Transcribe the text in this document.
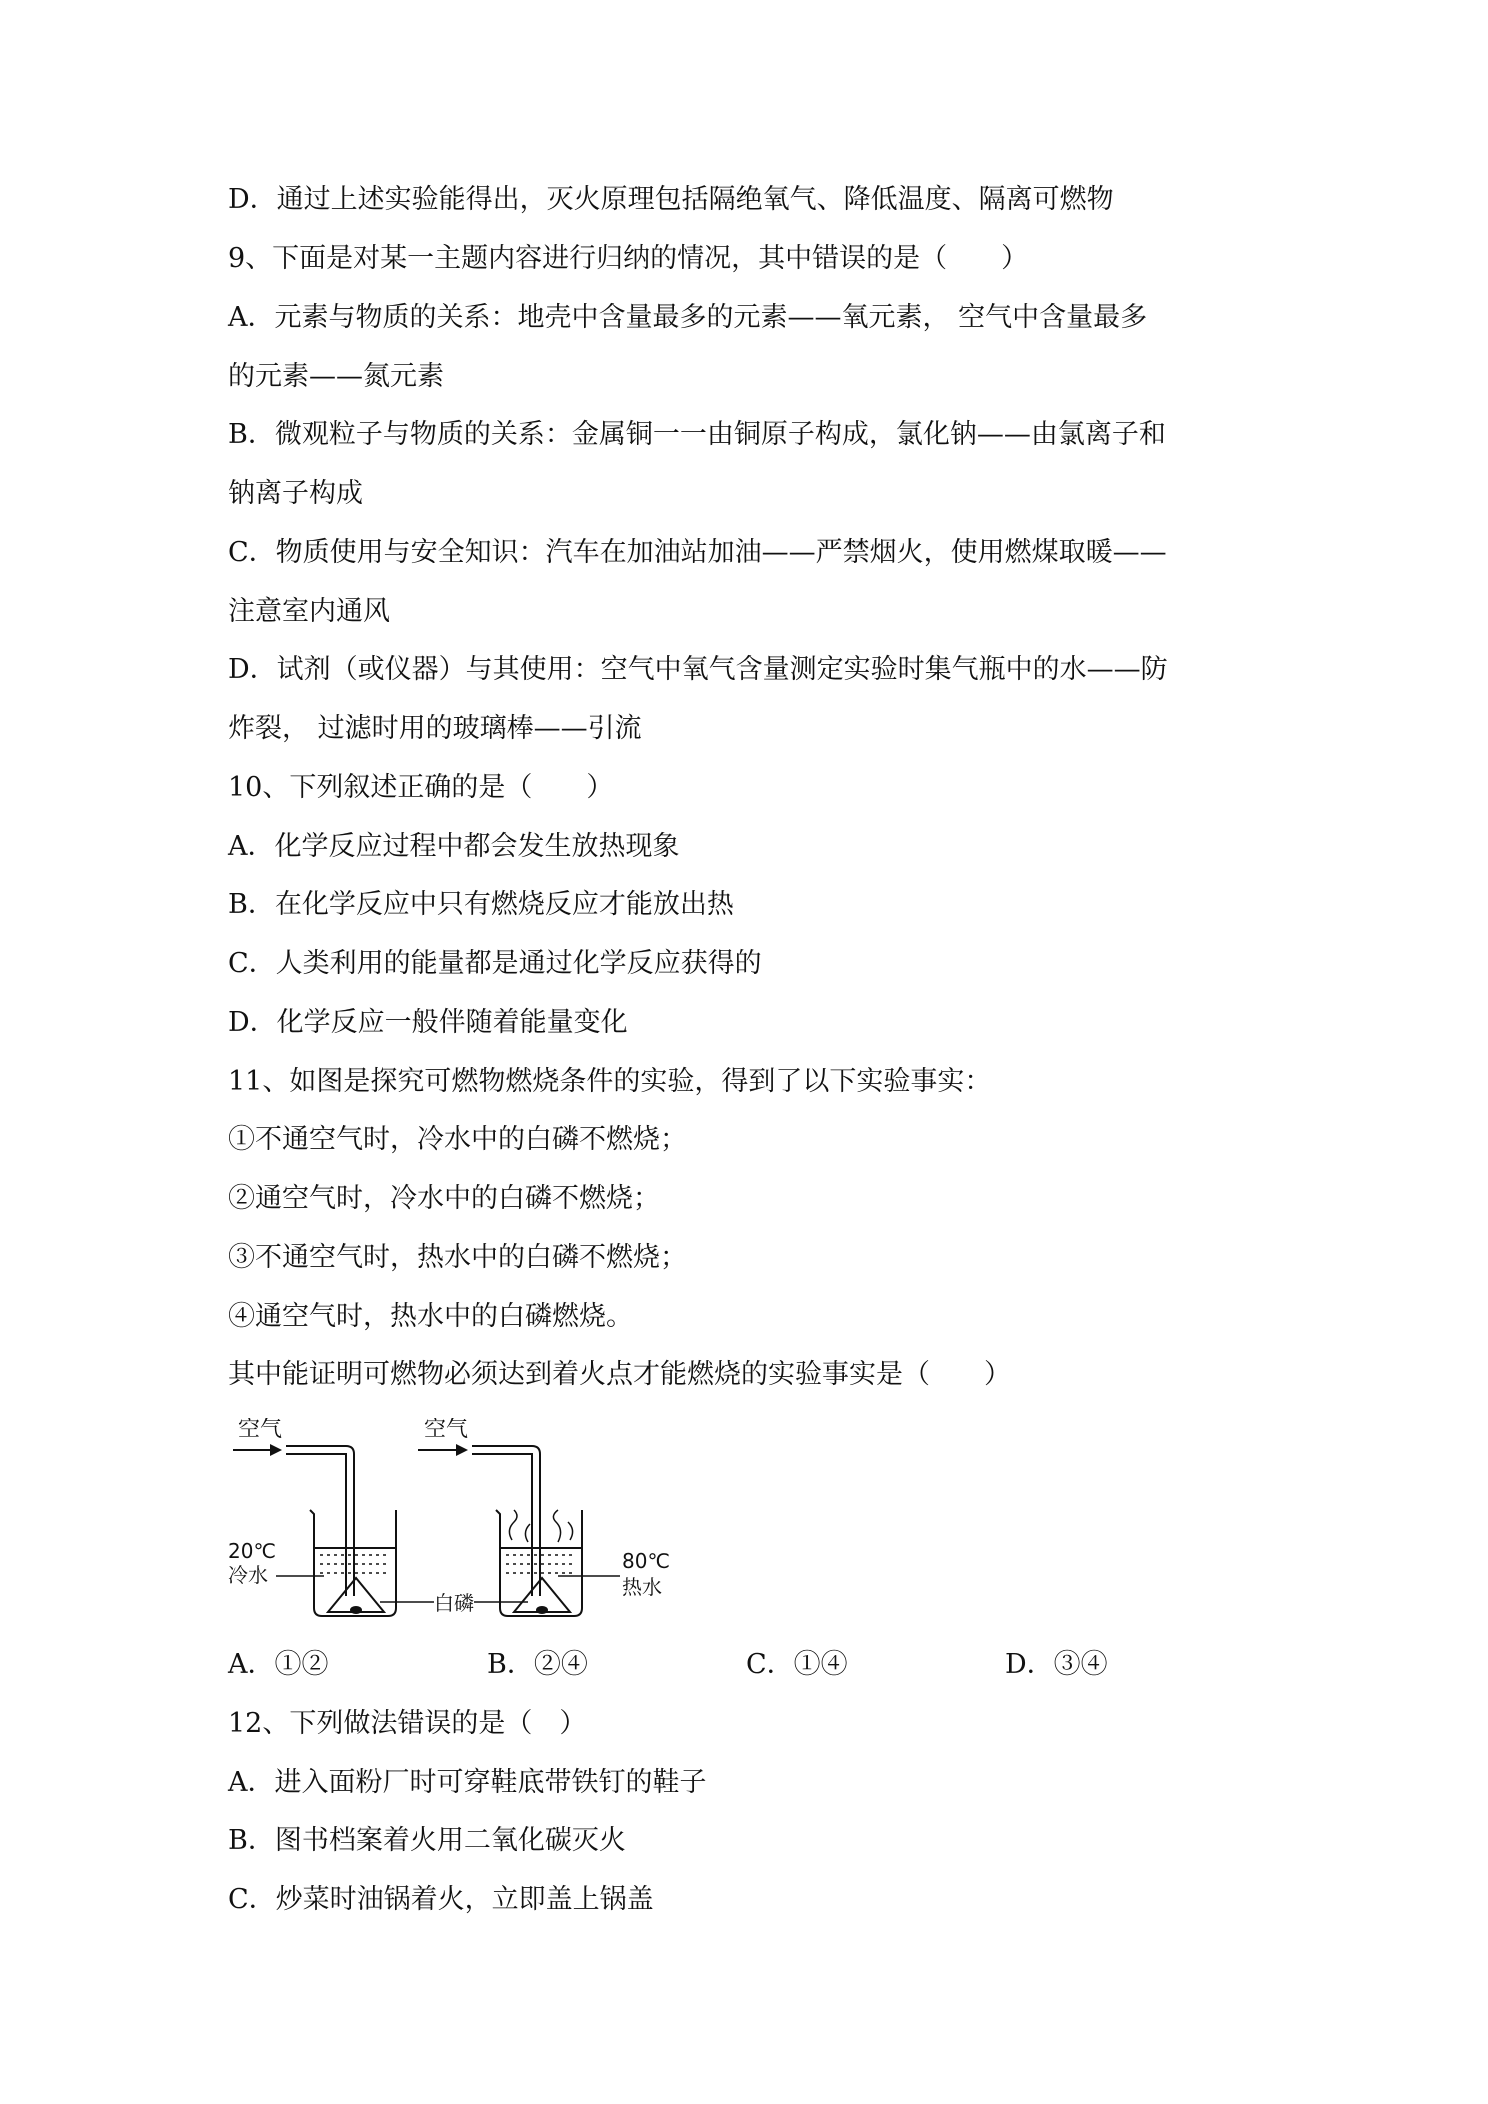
D．通过上述实验能得出，灭火原理包括隔绝氧气、降低温度、隔离可燃物
9、下面是对某一主题内容进行归纳的情况，其中错误的是（　　）
A．元素与物质的关系：地壳中含量最多的元素——氧元素， 空气中含量最多
的元素——氮元素
B．微观粒子与物质的关系：金属铜一一由铜原子构成，氯化钠——由氯离子和
钠离子构成
C．物质使用与安全知识：汽车在加油站加油——严禁烟火，使用燃煤取暖——
注意室内通风
D．试剂（或仪器）与其使用：空气中氧气含量测定实验时集气瓶中的水——防
炸裂， 过滤时用的玻璃棒——引流
10、下列叙述正确的是（　　）
A．化学反应过程中都会发生放热现象
B．在化学反应中只有燃烧反应才能放出热
C．人类利用的能量都是通过化学反应获得的
D．化学反应一般伴随着能量变化
11、如图是探究可燃物燃烧条件的实验，得到了以下实验事实：
①不通空气时，冷水中的白磷不燃烧；
②通空气时，冷水中的白磷不燃烧；
③不通空气时，热水中的白磷不燃烧；
④通空气时，热水中的白磷燃烧。
其中能证明可燃物必须达到着火点才能燃烧的实验事实是（　　）
空气
20℃
冷水
空气
白磷
80℃
热水
A．①②	B．②④	C．①④	D．③④
12、下列做法错误的是（　）
A．进入面粉厂时可穿鞋底带铁钉的鞋子
B．图书档案着火用二氧化碳灭火
C．炒菜时油锅着火，立即盖上锅盖
